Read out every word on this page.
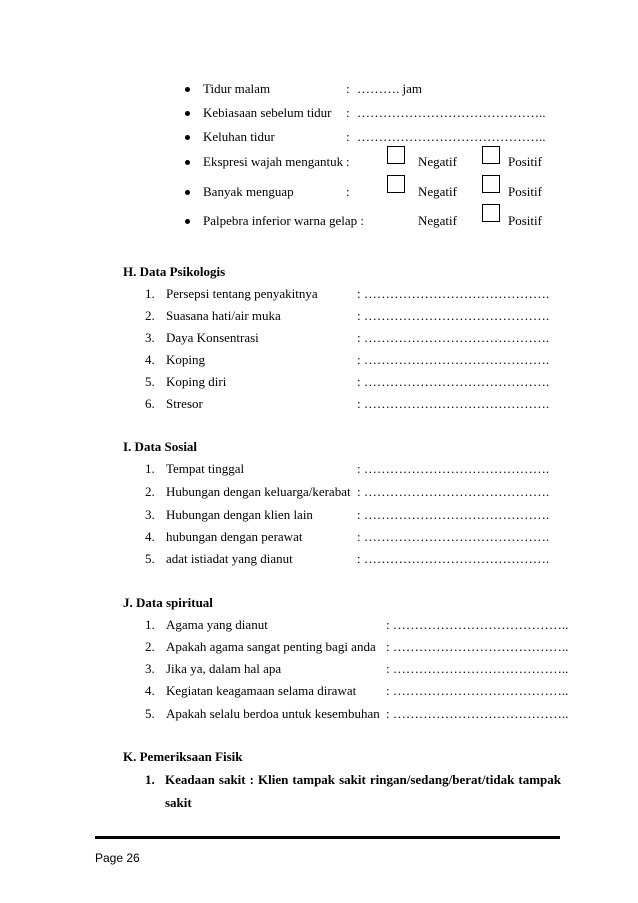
Tidur malam	: ………. jam
Kebiasaan sebelum tidur : ……………………………………..
Keluhan tidur	: ……………………………………..
Ekspresi wajah mengantuk :	Negatif	Positif
Banyak menguap	:	Negatif	Positif
Palpebra inferior warna gelap :	Negatif	Positif
H. Data Psikologis
1. Persepsi tentang penyakitnya	: …………………………………….
2. Suasana hati/air muka	: …………………………………….
3. Daya Konsentrasi	: …………………………………….
4. Koping	: …………………………………….
5. Koping diri	: …………………………………….
6. Stresor	: …………………………………….
I. Data Sosial
1. Tempat tinggal	: …………………………………….
2. Hubungan dengan keluarga/kerabat : …………………………………….
3. Hubungan dengan klien lain	: …………………………………….
4. hubungan dengan perawat	: …………………………………….
5. adat istiadat yang dianut	: …………………………………….
J. Data spiritual
1. Agama yang dianut	: …………………………………..
2. Apakah agama sangat penting bagi anda : …………………………………..
3. Jika ya, dalam hal apa	: …………………………………..
4. Kegiatan keagamaan selama dirawat : …………………………………..
5. Apakah selalu berdoa untuk kesembuhan : …………………………………..
K. Pemeriksaan Fisik
1. Keadaan sakit : Klien tampak sakit ringan/sedang/berat/tidak tampak
sakit
Page 26
